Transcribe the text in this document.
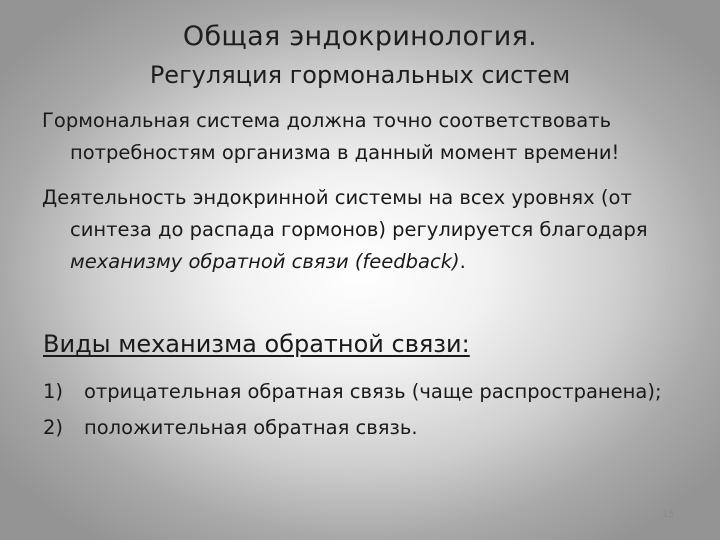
Общая эндокринология.
Регуляция гормональных систем

Гормональная система должна точно соответствовать
потребностям организма в данный момент времени!

Деятельность эндокринной системы на всех уровнях (от
синтеза до распада гормонов) регулируется благодаря
механизму обратной связи (feedback).

Виды механизма обратной связи:
1) отрицательная обратная связь (чаще распространена);
2) положительная обратная связь.
15
